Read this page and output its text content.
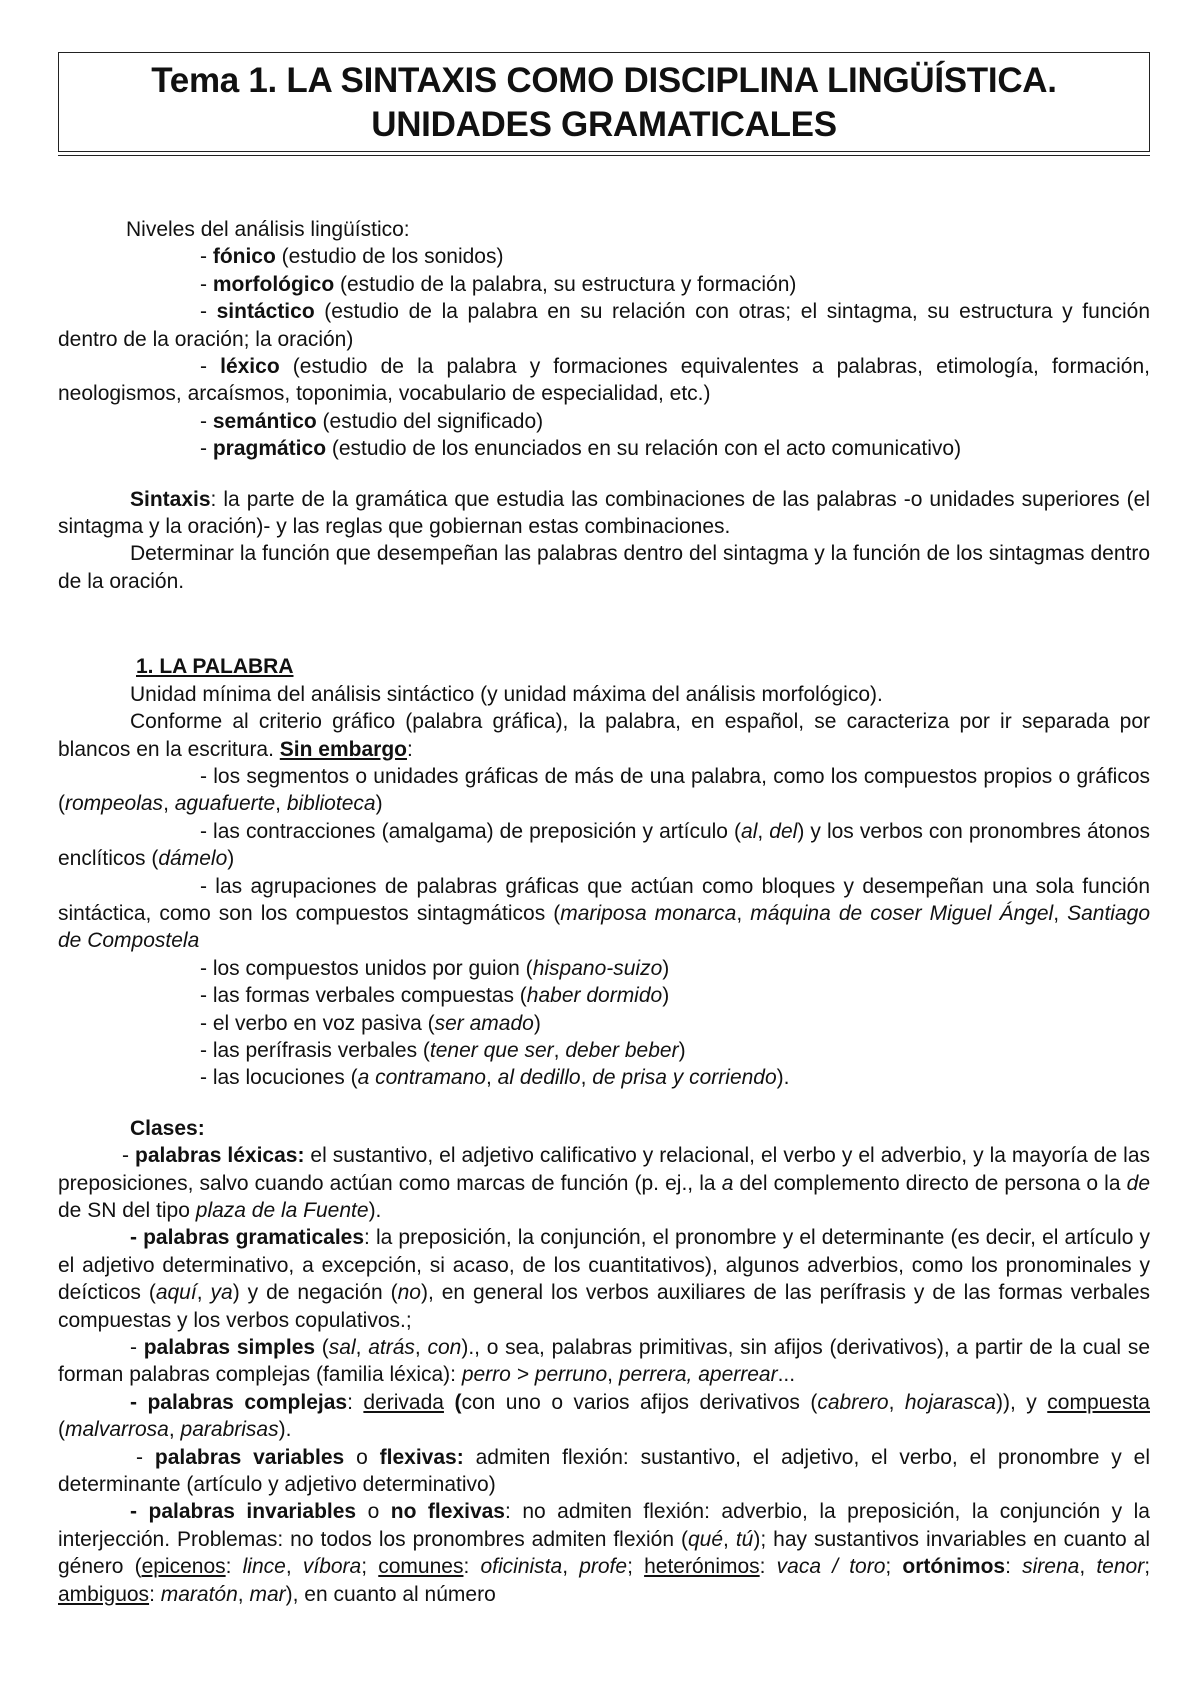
Tema 1. LA SINTAXIS COMO DISCIPLINA LINGÜÍSTICA.
UNIDADES GRAMATICALES

Niveles del análisis lingüístico:

- fónico (estudio de los sonidos)

- morfológico (estudio de la palabra, su estructura y formación)

- sintáctico (estudio de la palabra en su relación con otras; el sintagma, su estructura y función dentro de la oración; la oración)

- léxico (estudio de la palabra y formaciones equivalentes a palabras, etimología, formación, neologismos, arcaísmos, toponimia, vocabulario de especialidad, etc.)

- semántico (estudio del significado)

- pragmático (estudio de los enunciados en su relación con el acto comunicativo)

Sintaxis: la parte de la gramática que estudia las combinaciones de las palabras -o unidades superiores (el sintagma y la oración)- y las reglas que gobiernan estas combinaciones.

Determinar la función que desempeñan las palabras dentro del sintagma y la función de los sintagmas dentro de la oración.

1. LA PALABRA

Unidad mínima del análisis sintáctico (y unidad máxima del análisis morfológico).

Conforme al criterio gráfico (palabra gráfica), la palabra, en español, se caracteriza por ir separada por blancos en la escritura. Sin embargo:

- los segmentos o unidades gráficas de más de una palabra, como los compuestos propios o gráficos (rompeolas, aguafuerte, biblioteca)

- las contracciones (amalgama) de preposición y artículo (al, del) y los verbos con pronombres átonos enclíticos (dámelo)

- las agrupaciones de palabras gráficas que actúan como bloques y desempeñan una sola función sintáctica, como son los compuestos sintagmáticos (mariposa monarca, máquina de coser Miguel Ángel, Santiago de Compostela

- los compuestos unidos por guion (hispano-suizo)

- las formas verbales compuestas (haber dormido)

- el verbo en voz pasiva (ser amado)

- las perífrasis verbales (tener que ser, deber beber)

- las locuciones (a contramano, al dedillo, de prisa y corriendo).

Clases:

- palabras léxicas: el sustantivo, el adjetivo calificativo y relacional, el verbo y el adverbio, y la mayoría de las preposiciones, salvo cuando actúan como marcas de función (p. ej., la a del complemento directo de persona o la de de SN del tipo plaza de la Fuente).

- palabras gramaticales: la preposición, la conjunción, el pronombre y el determinante (es decir, el artículo y el adjetivo determinativo, a excepción, si acaso, de los cuantitativos), algunos adverbios, como los pronominales y deícticos (aquí, ya) y de negación (no), en general los verbos auxiliares de las perífrasis y de las formas verbales compuestas y los verbos copulativos.;

- palabras simples (sal, atrás, con)., o sea, palabras primitivas, sin afijos (derivativos), a partir de la cual se forman palabras complejas (familia léxica): perro > perruno, perrera, aperrear...

- palabras complejas: derivada (con uno o varios afijos derivativos (cabrero, hojarasca)), y compuesta (malvarrosa, parabrisas).

- palabras variables o flexivas: admiten flexión: sustantivo, el adjetivo, el verbo, el pronombre y el determinante (artículo y adjetivo determinativo)

- palabras invariables o no flexivas: no admiten flexión: adverbio, la preposición, la conjunción y la interjección. Problemas: no todos los pronombres admiten flexión (qué, tú); hay sustantivos invariables en cuanto al género (epicenos: lince, víbora; comunes: oficinista, profe; heterónimos: vaca / toro; ortónimos: sirena, tenor; ambiguos: maratón, mar), en cuanto al número
